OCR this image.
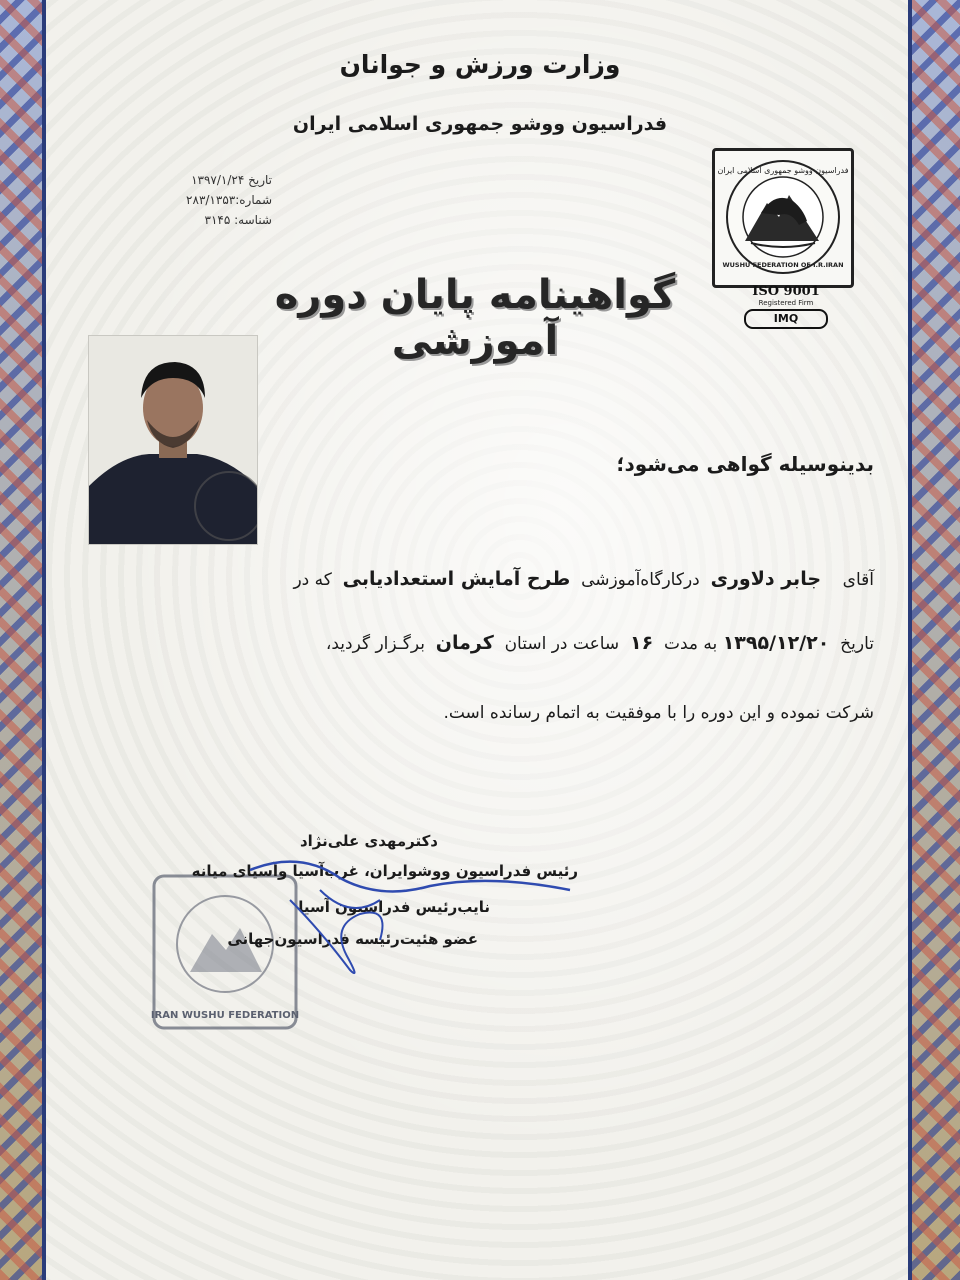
وزارت ورزش و جوانان
فدراسیون ووشو جمهوری اسلامی ایران
تاریخ ۱۳۹۷/۱/۲۴
شماره:۲۸۳/۱۳۵۳
شناسه: ۳۱۴۵
فدراسیون ووشو جمهوری اسلامی ایران
WUSHU FEDERATION OF I.R.IRAN
ISO 9001
Registered Firm
IMQ
گواهینامه پایان دوره آموزشی
بدینوسیله گواهی می‌شود؛
آقای    جابر دلاوری  درکارگاه‌آموزشی  طرح آمایش استعدادیابی  که در
تاریخ  ۱۳۹۵/۱۲/۲۰ به مدت  ۱۶  ساعت در استان  کرمان  برگـزار گردید،
شرکت نموده و این دوره را با موفقیت به اتمام رسانده است.
IRAN WUSHU FEDERATION
دکترمهدی علی‌نژاد
رئیس فدراسیون ووشوایران، غرب‌آسیا وآسیای میانه
نایب‌رئیس فدراسیون آسیا
عضو هئیت‌رئیسه فدراسیون‌جهانی
